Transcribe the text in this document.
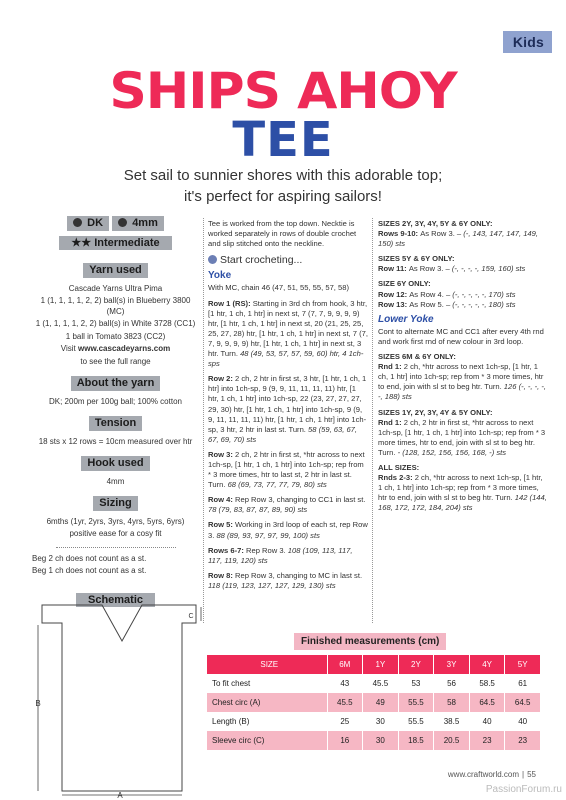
Kids
SHIPS AHOY
TEE
Set sail to sunnier shores with this adorable top;
it's perfect for aspiring sailors!
DK	4mm
★★ Intermediate
Yarn used
Cascade Yarns Ultra Pima
1 (1, 1, 1, 1, 2, 2) ball(s) in Blueberry 3800 (MC)
1 (1, 1, 1, 1, 2, 2) ball(s) in White 3728 (CC1)
1 ball in Tomato 3823 (CC2)
Visit www.cascadeyarns.com
to see the full range
About the yarn
DK; 200m per 100g ball; 100% cotton
Tension
18 sts x 12 rows = 10cm measured over htr
Hook used
4mm
Sizing
6mths (1yr, 2yrs, 3yrs, 4yrs, 5yrs, 6yrs)
positive ease for a cosy fit
Beg 2 ch does not count as a st.
Beg 1 ch does not count as a st.
Schematic
A
B
C

Tee is worked from the top down. Necktie is worked separately in rows of double crochet and slip stitched onto the neckline.

Start crocheting...
Yoke

With MC, chain 46 (47, 51, 55, 55, 57, 58)

Row 1 (RS): Starting in 3rd ch from hook, 3 htr, [1 htr, 1 ch, 1 htr] in next st, 7 (7, 7, 9, 9, 9, 9) htr, [1 htr, 1 ch, 1 htr] in next st, 20 (21, 25, 25, 25, 27, 28) htr, [1 htr, 1 ch, 1 htr] in next st, 7 (7, 7, 9, 9, 9, 9) htr, [1 htr, 1 ch, 1 htr] in next st, 3 htr. Turn. 48 (49, 53, 57, 57, 59, 60) htr, 4 1ch-sps

Row 2: 2 ch, 2 htr in first st, 3 htr, [1 htr, 1 ch, 1 htr] into 1ch-sp, 9 (9, 9, 11, 11, 11, 11) htr, [1 htr, 1 ch, 1 htr] into 1ch-sp, 22 (23, 27, 27, 27, 29, 30) htr, [1 htr, 1 ch, 1 htr] into 1ch-sp, 9 (9, 9, 11, 11, 11, 11) htr, [1 htr, 1 ch, 1 htr] into 1ch-sp, 3 htr, 2 htr in last st. Turn. 58 (59, 63, 67, 67, 69, 70) sts

Row 3: 2 ch, 2 htr in first st, *htr across to next 1ch-sp, [1 htr, 1 ch, 1 htr] into 1ch-sp; rep from * 3 more times, htr to last st, 2 htr in last st. Turn. 68 (69, 73, 77, 77, 79, 80) sts

Row 4: Rep Row 3, changing to CC1 in last st. 78 (79, 83, 87, 87, 89, 90) sts

Row 5: Working in 3rd loop of each st, rep Row 3. 88 (89, 93, 97, 97, 99, 100) sts

Rows 6-7: Rep Row 3. 108 (109, 113, 117, 117, 119, 120) sts

Row 8: Rep Row 3, changing to MC in last st. 118 (119, 123, 127, 127, 129, 130) sts

SIZES 2Y, 3Y, 4Y, 5Y & 6Y ONLY:
Rows 9-10: As Row 3. – (-, 143, 147, 147, 149, 150) sts

SIZES 5Y & 6Y ONLY:
Row 11: As Row 3. – (-, -, -, -, 159, 160) sts

SIZE 6Y ONLY:
Row 12: As Row 4. – (-, -, -, -, -, 170) sts

Row 13: As Row 5. – (-, -, -, -, -, 180) sts

Lower Yoke

Cont to alternate MC and CC1 after every 4th rnd and work first rnd of new colour in 3rd loop.

SIZES 6M & 6Y ONLY:
Rnd 1: 2 ch, *htr across to next 1ch-sp, [1 htr, 1 ch, 1 htr] into 1ch-sp; rep from * 3 more times, htr to end, join with sl st to beg htr. Turn. 126 (-, -, -, -, -, 188) sts

SIZES 1Y, 2Y, 3Y, 4Y & 5Y ONLY:
Rnd 1: 2 ch, 2 htr in first st, *htr across to next 1ch-sp, [1 htr, 1 ch, 1 htr] into 1ch-sp; rep from * 3 more times, htr to end, join with sl st to beg htr. Turn. - (128, 152, 156, 156, 168, -) sts

ALL SIZES:
Rnds 2-3: 2 ch, *htr across to next 1ch-sp, [1 htr, 1 ch, 1 htr] into 1ch-sp; rep from * 3 more times, htr to end, join with sl st to beg htr. Turn. 142 (144, 168, 172, 172, 184, 204) sts

Finished measurements (cm)
SIZE	6M	1Y	2Y	3Y	4Y	5Y
To fit chest	43	45.5	53	56	58.5	61
Chest circ (A)	45.5	49	55.5	58	64.5	64.5
Length (B)	25	30	55.5	38.5	40	40
Sleeve circ (C)	16	30	18.5	20.5	23	23
www.craftworld.com | 55
PassionForum.ru
